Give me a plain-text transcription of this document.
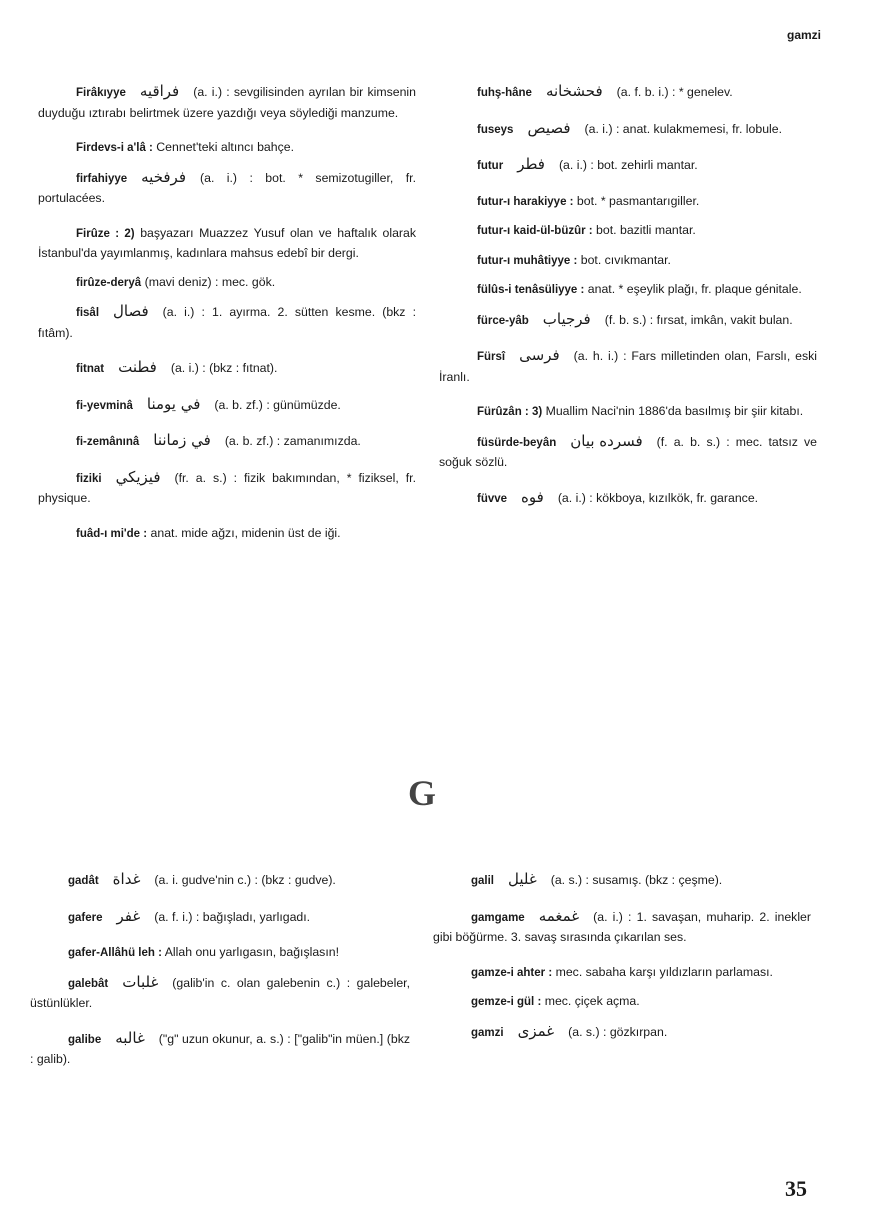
gamzi

Firâkıyye فراقيه (a. i.) : sevgilisinden ayrılan bir kimsenin duyduğu ıztırabı belirtmek üzere yazdığı veya söylediği manzume.

Firdevs-i a'lâ : Cennet'teki altıncı bahçe.

firfahiyye فرفخيه (a. i.) : bot. * semizotugiller, fr. portulacées.

Firûze : 2) başyazarı Muazzez Yusuf olan ve haftalık olarak İstanbul'da yayımlanmış, kadınlara mahsus edebî bir dergi.

firûze-deryâ (mavi deniz) : mec. gök.

fisâl فصال (a. i.) : 1. ayırma. 2. sütten kesme. (bkz : fıtâm).

fitnat فطنت (a. i.) : (bkz : fıtnat).

fi-yevminâ في يومنا (a. b. zf.) : günümüzde.

fi-zemânınâ في زماننا (a. b. zf.) : zamanımızda.

fiziki فيزيكي (fr. a. s.) : fizik bakımından, * fiziksel, fr. physique.

fuâd-ı mi'de : anat. mide ağzı, midenin üst de iği.

fuhş-hâne فحشخانه (a. f. b. i.) : * genelev.

fuseys فصيص (a. i.) : anat. kulakmemesi, fr. lobule.

futur فطر (a. i.) : bot. zehirli mantar.

futur-ı harakiyye : bot. * pasmantarıgiller.

futur-ı kaid-ül-büzûr : bot. bazitli mantar.

futur-ı muhâtiyye : bot. cıvıkmantar.

fülûs-i tenâsüliyye : anat. * eşeylik plağı, fr. plaque génitale.

fürce-yâb فرجياب (f. b. s.) : fırsat, imkân, vakit bulan.

Fürsî فرسى (a. h. i.) : Fars milletinden olan, Farslı, eski İranlı.

Fürûzân : 3) Muallim Naci'nin 1886'da basılmış bir şiir kitabı.

füsürde-beyân فسرده بيان (f. a. b. s.) : mec. tatsız ve soğuk sözlü.

füvve فوه (a. i.) : kökboya, kızılkök, fr. garance.

G

gadât غداة (a. i. gudve'nin c.) : (bkz : gudve).

gafere غفر (a. f. i.) : bağışladı, yarlıgadı.

gafer-Allâhü leh : Allah onu yarlıgasın, bağışlasın!

galebât غلبات (galib'in c. olan galebenin c.) : galebeler, üstünlükler.

galibe غالبه ("g" uzun okunur, a. s.) : ["galib"in müen.] (bkz : galib).

galil غليل (a. s.) : susamış. (bkz : çeşme).

gamgame غمغمه (a. i.) : 1. savaşan, muharip. 2. inekler gibi böğürme. 3. savaş sırasında çıkarılan ses.

gamze-i ahter : mec. sabaha karşı yıldızların parlaması.

gemze-i gül : mec. çiçek açma.

gamzi غمزى (a. s.) : gözkırpan.

35
